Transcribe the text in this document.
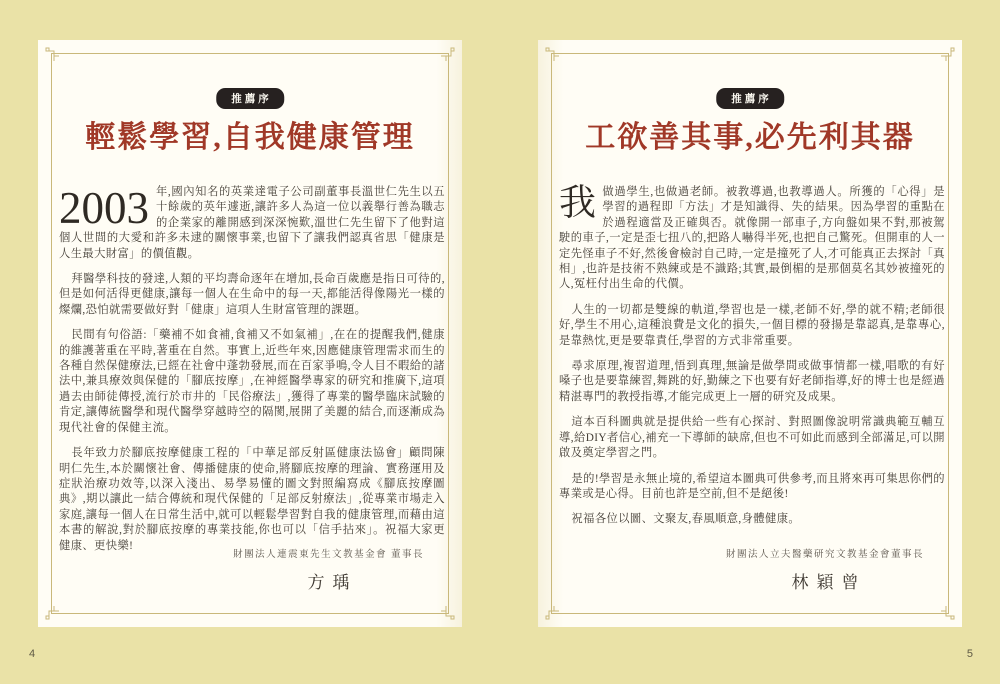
推薦序
輕鬆學習,自我健康管理

2003 年,國內知名的英業達電子公司副董事長溫世仁先生以五十餘歲的英年遽逝,讓許多人為這一位以義舉行善為職志的企業家的離開感到深深惋歎,溫世仁先生留下了他對這個人世間的大愛和許多未逮的關懷事業,也留下了讓我們認真省思「健康是人生最大財富」的價值觀。

拜醫學科技的發達,人類的平均壽命逐年在增加,長命百歲應是指日可待的,但是如何活得更健康,讓每一個人在生命中的每一天,都能活得像陽光一樣的燦爛,恐怕就需要做好對「健康」這項人生財富管理的課題。

民間有句俗語:「藥補不如食補,食補又不如氣補」,在在的提醒我們,健康的維護著重在平時,著重在自然。事實上,近些年來,因應健康管理需求而生的各種自然保健療法,已經在社會中蓬勃發展,而在百家爭鳴,令人目不暇給的諸法中,兼具療效與保健的「腳底按摩」,在神經醫學專家的研究和推廣下,這項過去由師徒傳授,流行於市井的「民俗療法」,獲得了專業的醫學臨床試驗的肯定,讓傳統醫學和現代醫學穿越時空的隔閡,展開了美麗的結合,而逐漸成為現代社會的保健主流。

長年致力於腳底按摩健康工程的「中華足部反射區健康法協會」顧問陳明仁先生,本於關懷社會、傳播健康的使命,將腳底按摩的理論、實務運用及症狀治療功效等,以深入淺出、易學易懂的圖文對照編寫成《腳底按摩圖典》,期以讓此一結合傳統和現代保健的「足部反射療法」,從專業市場走入家庭,讓每一個人在日常生活中,就可以輕鬆學習對自我的健康管理,而藉由這本書的解說,對於腳底按摩的專業技能,你也可以「信手拈來」。祝福大家更健康、更快樂!

財團法人連震東先生文教基金會 董事長
方瑀
推薦序
工欲善其事,必先利其器

我做過學生,也做過老師。被教導過,也教導過人。所獲的「心得」是學習的過程即「方法」才是知識得、失的結果。因為學習的重點在於過程適當及正確與否。就像開一部車子,方向盤如果不對,那被駕駛的車子,一定是歪七扭八的,把路人嚇得半死,也把自己驚死。但開車的人一定先怪車子不好,然後會檢討自己時,一定是撞死了人,才可能真正去探討「真相」,也許是技術不熟練或是不識路;其實,最倒楣的是那個莫名其妙被撞死的人,冤枉付出生命的代價。

人生的一切都是雙線的軌道,學習也是一樣,老師不好,學的就不精;老師很好,學生不用心,這種浪費是文化的損失,一個目標的發揚是靠認真,是靠專心,是靠熱忱,更是要靠責任,學習的方式非常重要。

尋求原理,複習道理,悟到真理,無論是做學問或做事情都一樣,唱歌的有好嗓子也是要靠練習,舞跳的好,勤練之下也要有好老師指導,好的博士也是經過精湛專門的教授指導,才能完成更上一層的研究及成果。

這本百科圖典就是提供給一些有心探討、對照圖像說明常識典範互輔互導,給DIY者信心,補充一下導師的缺席,但也不可如此而感到全部滿足,可以開啟及奠定學習之門。

是的!學習是永無止境的,希望這本圖典可供參考,而且將來再可集思你們的專業或是心得。目前也許是空前,但不是絕後!

祝福各位以圖、文聚友,春風順意,身體健康。

財團法人立夫醫藥研究文教基金會董事長
林穎曾
4	5
